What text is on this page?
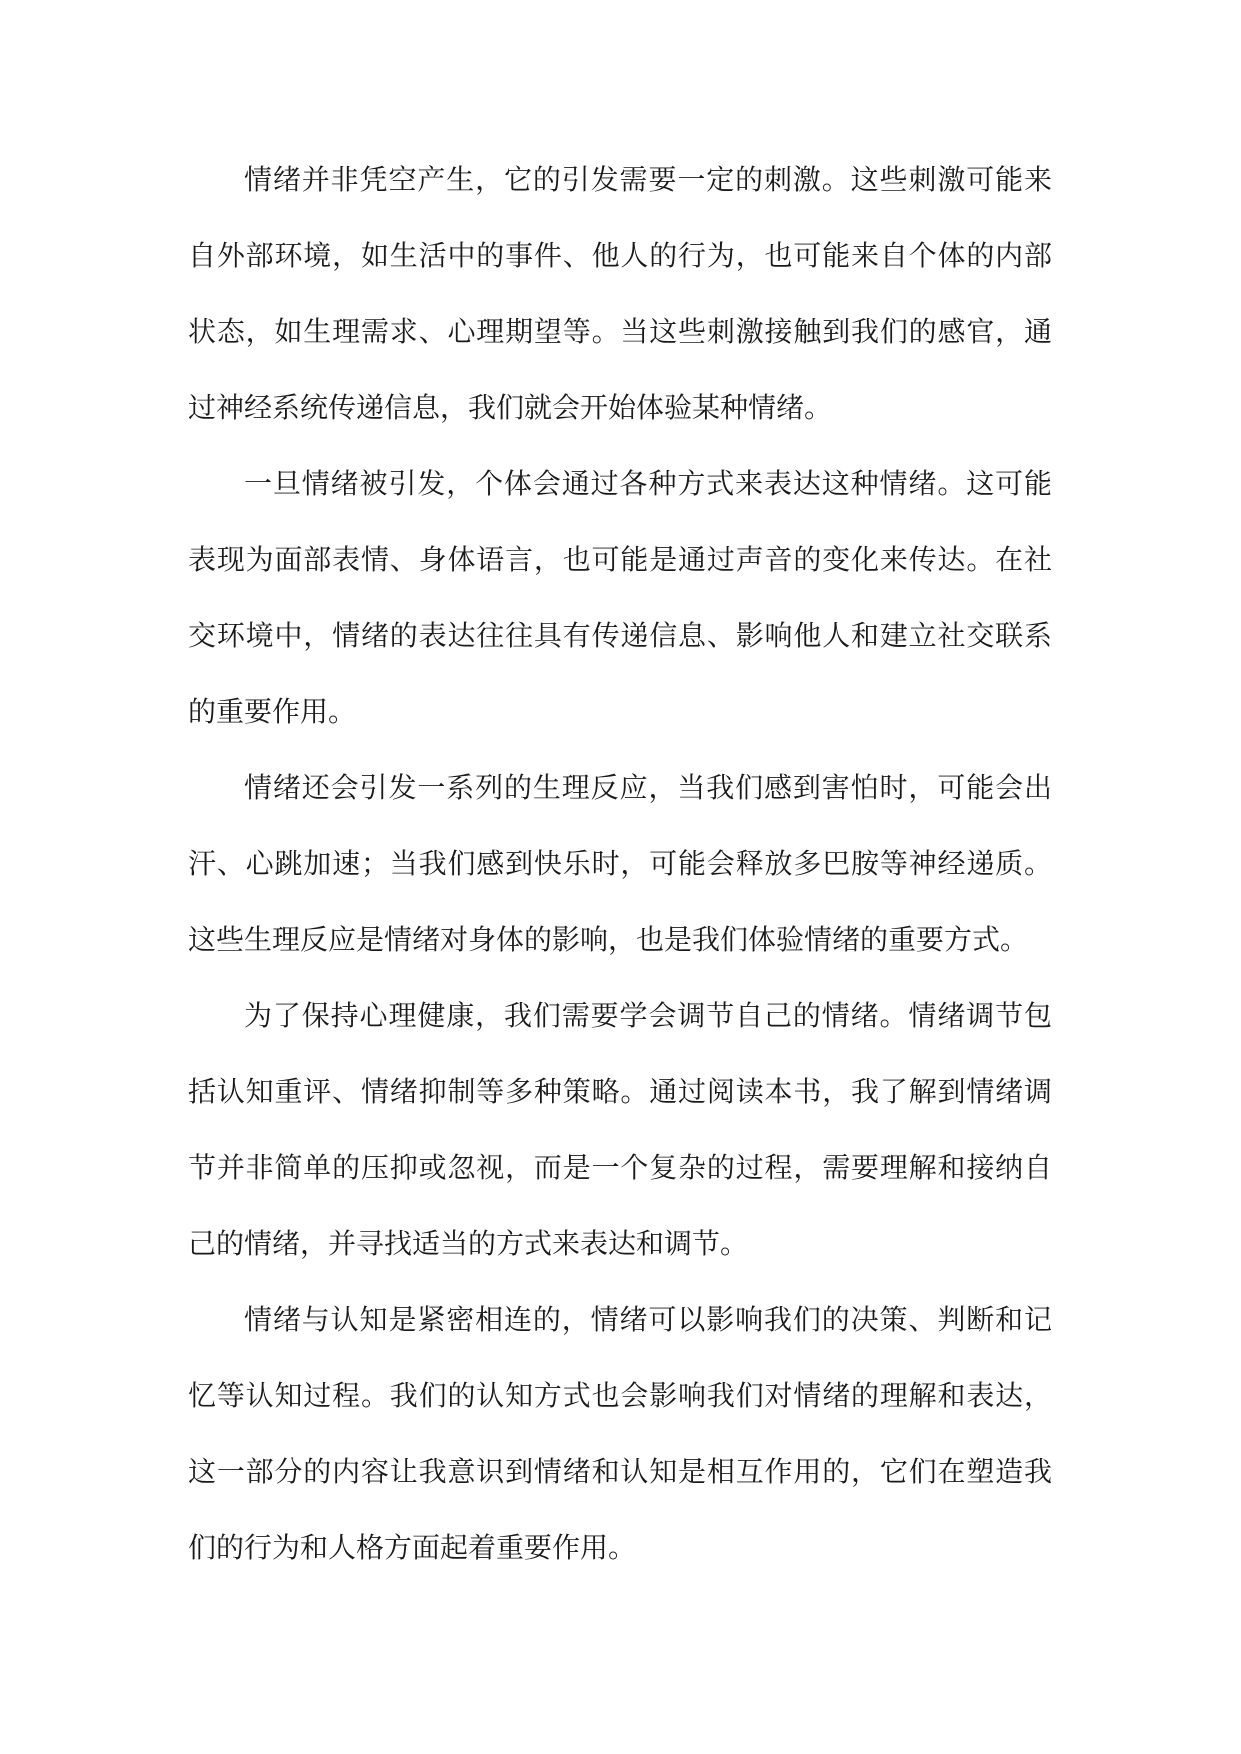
情绪并非凭空产生，它的引发需要一定的刺激。这些刺激可能来自外部环境，如生活中的事件、他人的行为，也可能来自个体的内部状态，如生理需求、心理期望等。当这些刺激接触到我们的感官，通过神经系统传递信息，我们就会开始体验某种情绪。

一旦情绪被引发，个体会通过各种方式来表达这种情绪。这可能表现为面部表情、身体语言，也可能是通过声音的变化来传达。在社交环境中，情绪的表达往往具有传递信息、影响他人和建立社交联系的重要作用。

情绪还会引发一系列的生理反应，当我们感到害怕时，可能会出汗、心跳加速；当我们感到快乐时，可能会释放多巴胺等神经递质。这些生理反应是情绪对身体的影响，也是我们体验情绪的重要方式。

为了保持心理健康，我们需要学会调节自己的情绪。情绪调节包括认知重评、情绪抑制等多种策略。通过阅读本书，我了解到情绪调节并非简单的压抑或忽视，而是一个复杂的过程，需要理解和接纳自己的情绪，并寻找适当的方式来表达和调节。

情绪与认知是紧密相连的，情绪可以影响我们的决策、判断和记忆等认知过程。我们的认知方式也会影响我们对情绪的理解和表达，这一部分的内容让我意识到情绪和认知是相互作用的，它们在塑造我们的行为和人格方面起着重要作用。
